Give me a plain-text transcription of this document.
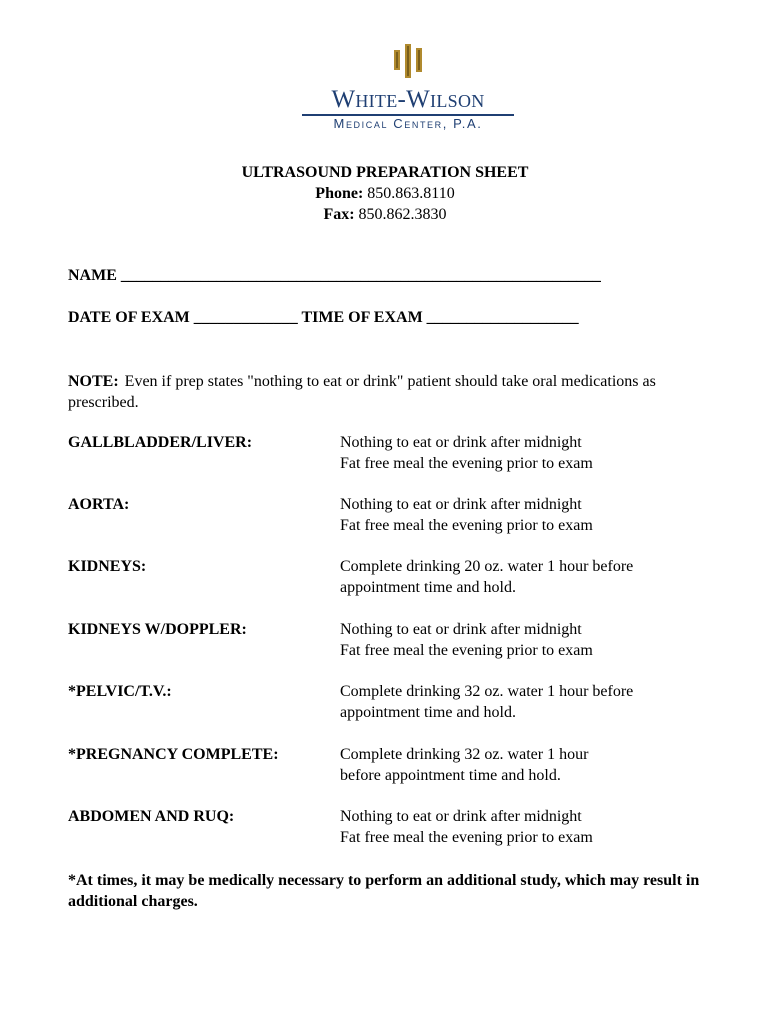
White-Wilson
Medical Center, P.A.
ULTRASOUND PREPARATION SHEET
Phone: 850.863.8110
Fax: 850.862.3830
NAME ____________________________________________________________
DATE OF EXAM _____________ TIME OF EXAM ___________________
NOTE: Even if prep states "nothing to eat or drink" patient should take oral medications as prescribed.
GALLBLADDER/LIVER:	Nothing to eat or drink after midnight
Fat free meal the evening prior to exam
AORTA:	Nothing to eat or drink after midnight
Fat free meal the evening prior to exam
KIDNEYS:	Complete drinking 20 oz. water 1 hour before
appointment time and hold.
KIDNEYS W/DOPPLER:	Nothing to eat or drink after midnight
Fat free meal the evening prior to exam
*PELVIC/T.V.:	Complete drinking 32 oz. water 1 hour before
appointment time and hold.
*PREGNANCY COMPLETE:	Complete drinking 32 oz. water 1 hour
before appointment time and hold.
ABDOMEN AND RUQ:	Nothing to eat or drink after midnight
Fat free meal the evening prior to exam
*At times, it may be medically necessary to perform an additional study, which may result in additional charges.
